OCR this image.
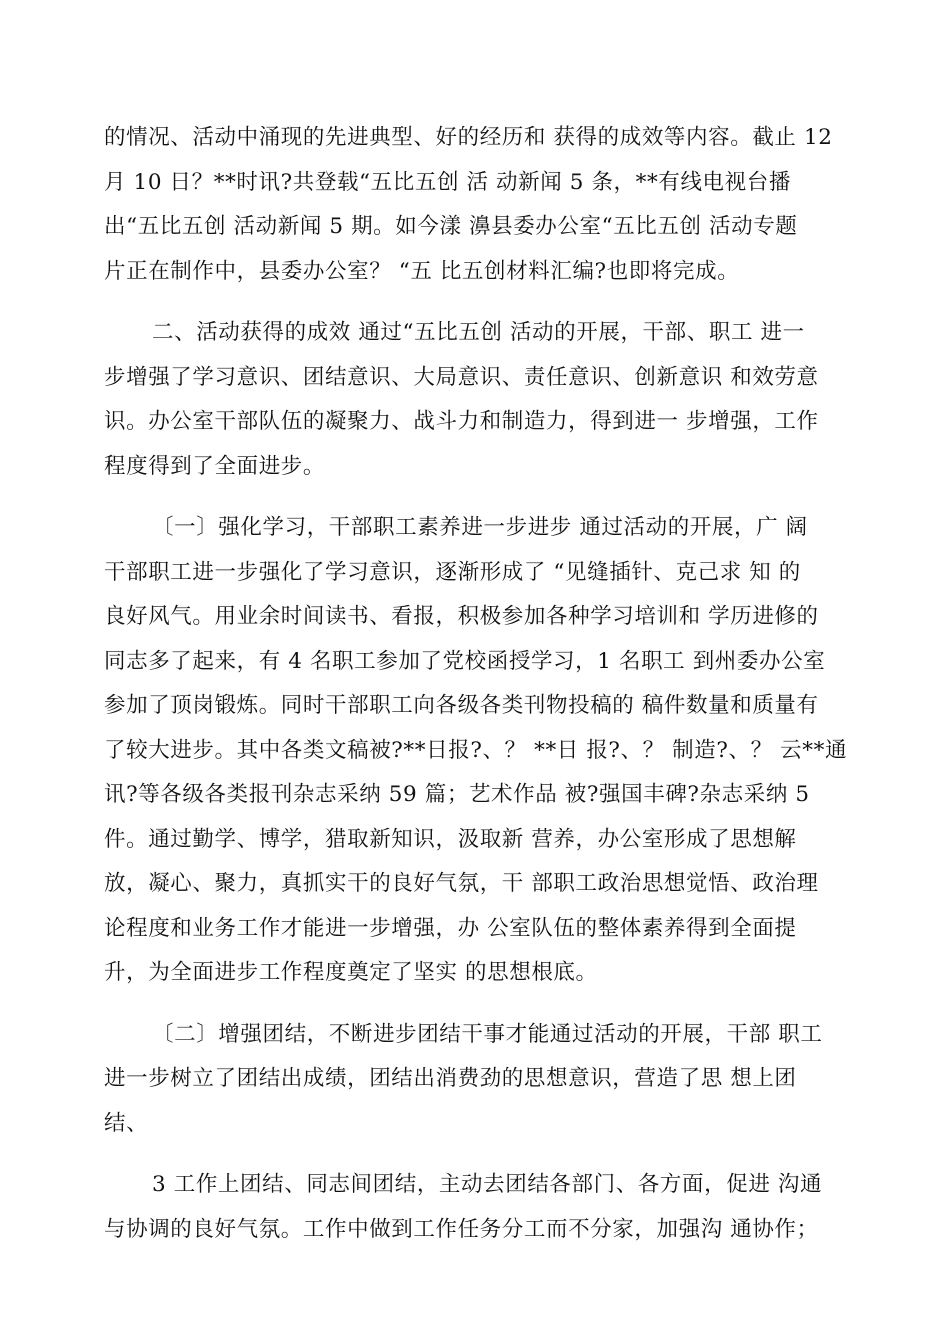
的情况、活动中涌现的先进典型、好的经历和 获得的成效等内容。截止 12
月 10 日？**时讯?共登载“五比五创 活 动新闻 5 条，**有线电视台播
出“五比五创 活动新闻 5 期。如今漾 濞县委办公室“五比五创 活动专题
片正在制作中，县委办公室？ “五 比五创材料汇编?也即将完成。

二、活动获得的成效 通过“五比五创 活动的开展，干部、职工 进一
步增强了学习意识、团结意识、大局意识、责任意识、创新意识 和效劳意
识。办公室干部队伍的凝聚力、战斗力和制造力，得到进一 步增强，工作
程度得到了全面进步。

〔一〕强化学习，干部职工素养进一步进步 通过活动的开展，广 阔
干部职工进一步强化了学习意识，逐渐形成了 “见缝插针、克己求 知 的
良好风气。用业余时间读书、看报，积极参加各种学习培训和 学历进修的
同志多了起来，有 4 名职工参加了党校函授学习，1 名职工 到州委办公室
参加了顶岗锻炼。同时干部职工向各级各类刊物投稿的 稿件数量和质量有
了较大进步。其中各类文稿被?**日报?、？ **日 报?、？ 制造?、？ 云**通
讯?等各级各类报刊杂志采纳 59 篇；艺术作品 被?强国丰碑?杂志采纳 5
件。通过勤学、博学，猎取新知识，汲取新 营养，办公室形成了思想解
放，凝心、聚力，真抓实干的良好气氛，干 部职工政治思想觉悟、政治理
论程度和业务工作才能进一步增强，办 公室队伍的整体素养得到全面提
升，为全面进步工作程度奠定了坚实 的思想根底。

〔二〕增强团结，不断进步团结干事才能通过活动的开展，干部 职工
进一步树立了团结出成绩，团结出消费劲的思想意识，营造了思 想上团
结、

3 工作上团结、同志间团结，主动去团结各部门、各方面，促进 沟通
与协调的良好气氛。工作中做到工作任务分工而不分家，加强沟 通协作；
